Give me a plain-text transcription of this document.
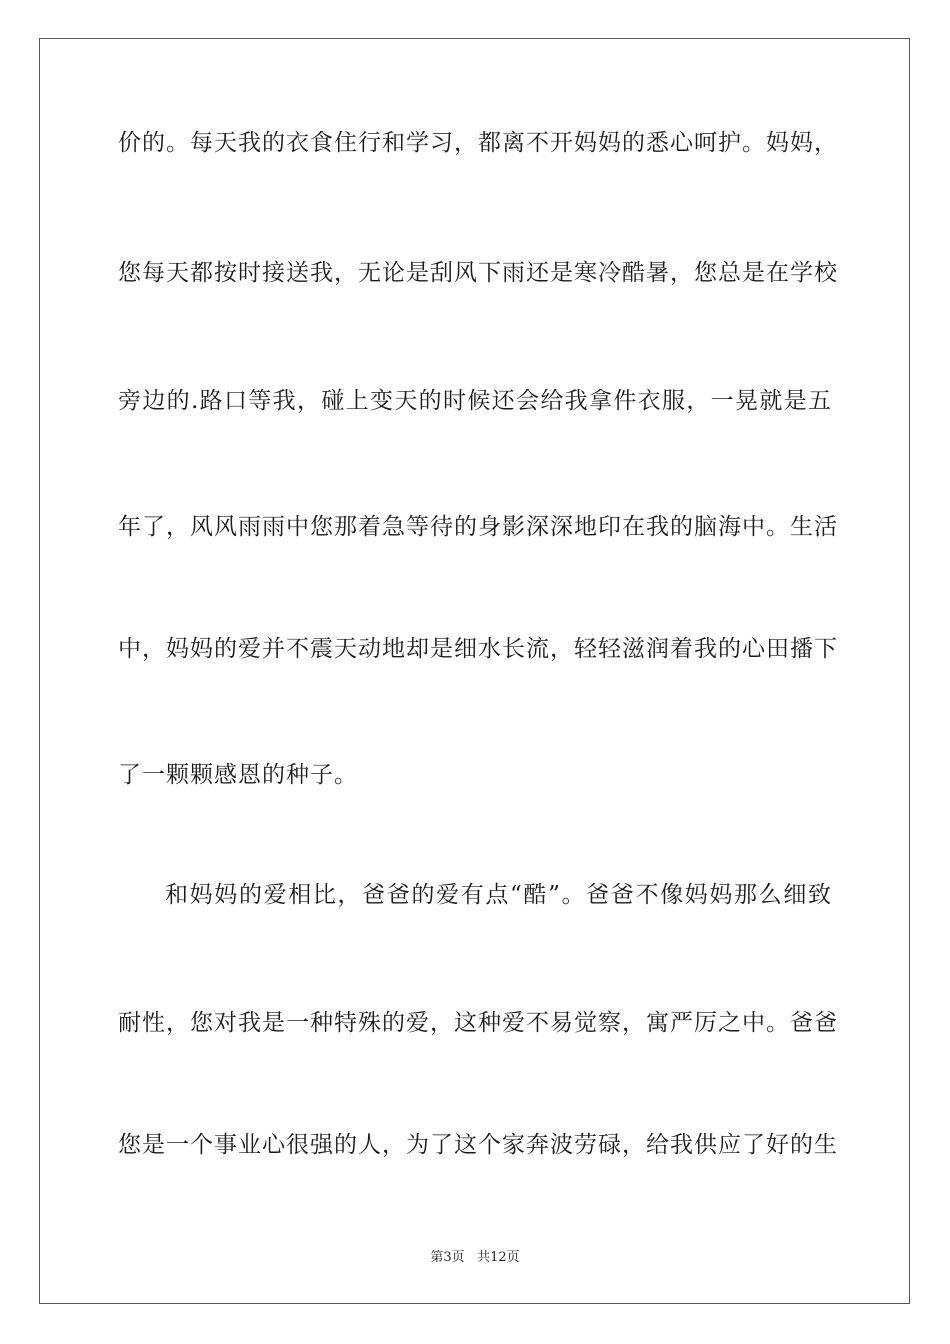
价的。每天我的衣食住行和学习，都离不开妈妈的悉心呵护。妈妈，
您每天都按时接送我，无论是刮风下雨还是寒冷酷暑，您总是在学校
旁边的.路口等我，碰上变天的时候还会给我拿件衣服，一晃就是五
年了，风风雨雨中您那着急等待的身影深深地印在我的脑海中。生活
中，妈妈的爱并不震天动地却是细水长流，轻轻滋润着我的心田播下
了一颗颗感恩的种子。
和妈妈的爱相比，爸爸的爱有点“酷”。爸爸不像妈妈那么细致
耐性，您对我是一种特殊的爱，这种爱不易觉察，寓严厉之中。爸爸
您是一个事业心很强的人，为了这个家奔波劳碌，给我供应了好的生
第3页 共12页
